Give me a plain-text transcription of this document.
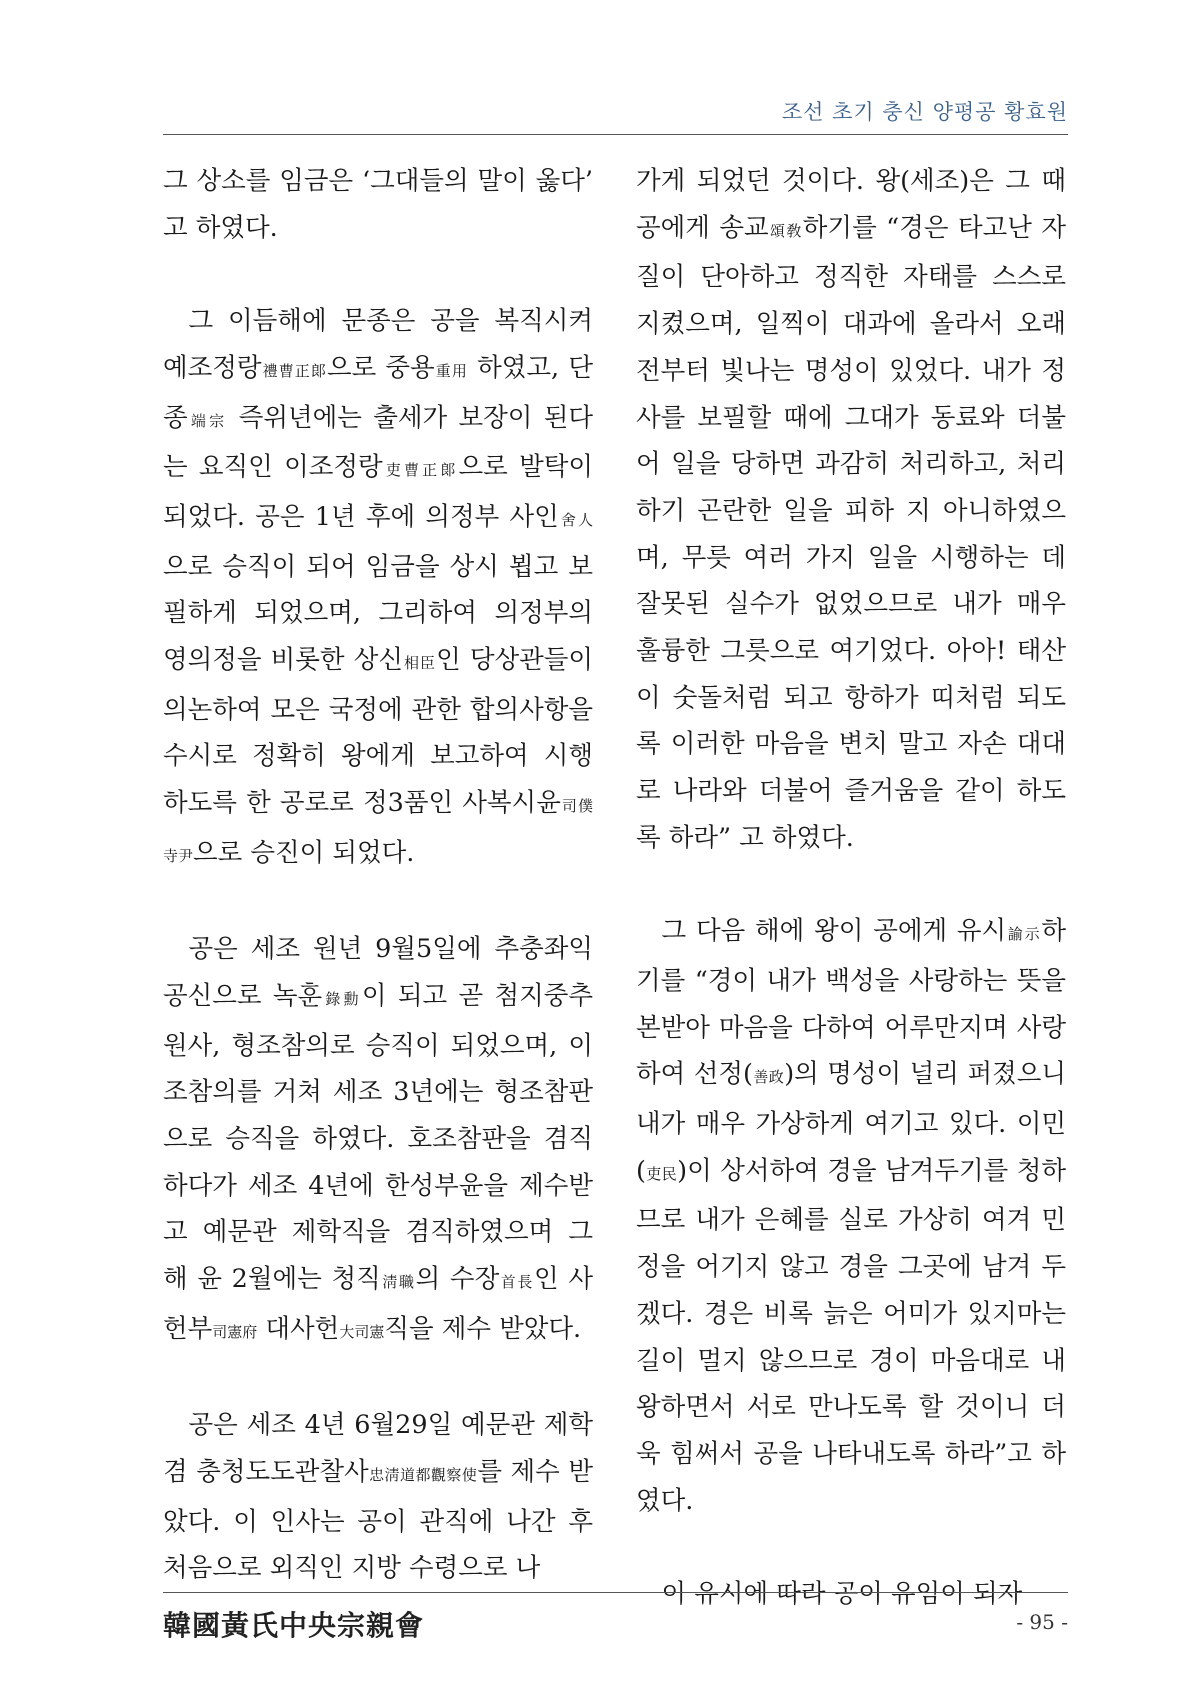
조선 초기 충신 양평공 황효원

그 상소를 임금은 ‘그대들의 말이 옳다’ 고 하였다.

그 이듬해에 문종은 공을 복직시켜 예조정랑禮曹正郞으로 중용重用 하였고, 단종端宗 즉위년에는 출세가 보장이 된다는 요직인 이조정랑吏曹正郞으로 발탁이 되었다. 공은 1년 후에 의정부 사인舍人으로 승직이 되어 임금을 상시 뵙고 보필하게 되었으며, 그리하여 의정부의 영의정을 비롯한 상신相臣인 당상관들이 의논하여 모은 국정에 관한 합의사항을 수시로 정확히 왕에게 보고하여 시행 하도륵 한 공로로 정3품인 사복시윤司僕寺尹으로 승진이 되었다.

공은 세조 원년 9월5일에 추충좌익공신으로 녹훈錄勳이 되고 곧 첨지중추원사, 형조참의로 승직이 되었으며, 이조참의를 거쳐 세조 3년에는 형조참판으로 승직을 하였다. 호조참판을 겸직하다가 세조 4년에 한성부윤을 제수받고 예문관 제학직을 겸직하였으며 그 해 윤 2월에는 청직淸職의 수장首長인 사헌부司憲府 대사헌大司憲직을 제수 받았다.

공은 세조 4년 6월29일 예문관 제학 겸 충청도도관찰사忠淸道都觀察使를 제수 받았다. 이 인사는 공이 관직에 나간 후 처음으로 외직인 지방 수령으로 나

가게 되었던 것이다. 왕(세조)은 그 때 공에게 송교頌敎하기를 “경은 타고난 자질이 단아하고 정직한 자태를 스스로 지켰으며, 일찍이 대과에 올라서 오래 전부터 빛나는 명성이 있었다. 내가 정사를 보필할 때에 그대가 동료와 더불어 일을 당하면 과감히 처리하고, 처리하기 곤란한 일을 피하 지 아니하였으며, 무릇 여러 가지 일을 시행하는 데 잘못된 실수가 없었으므로 내가 매우 훌륭한 그릇으로 여기었다. 아아! 태산이 숫돌처럼 되고 항하가 띠처럼 되도록 이러한 마음을 변치 말고 자손 대대로 나라와 더불어 즐거움을 같이 하도록 하라” 고 하였다.

그 다음 해에 왕이 공에게 유시諭示하기를 “경이 내가 백성을 사랑하는 뜻을 본받아 마음을 다하여 어루만지며 사랑하여 선정(善政)의 명성이 널리 퍼졌으니 내가 매우 가상하게 여기고 있다. 이민(吏民)이 상서하여 경을 남겨두기를 청하므로 내가 은혜를 실로 가상히 여겨 민정을 어기지 않고 경을 그곳에 남겨 두겠다. 경은 비록 늙은 어미가 있지마는 길이 멀지 않으므로 경이 마음대로 내왕하면서 서로 만나도록 할 것이니 더욱 힘써서 공을 나타내도록 하라”고 하였다.

이 유시에 따라 공이 유임이 되자

韓國黃氏中央宗親會	- 95 -
